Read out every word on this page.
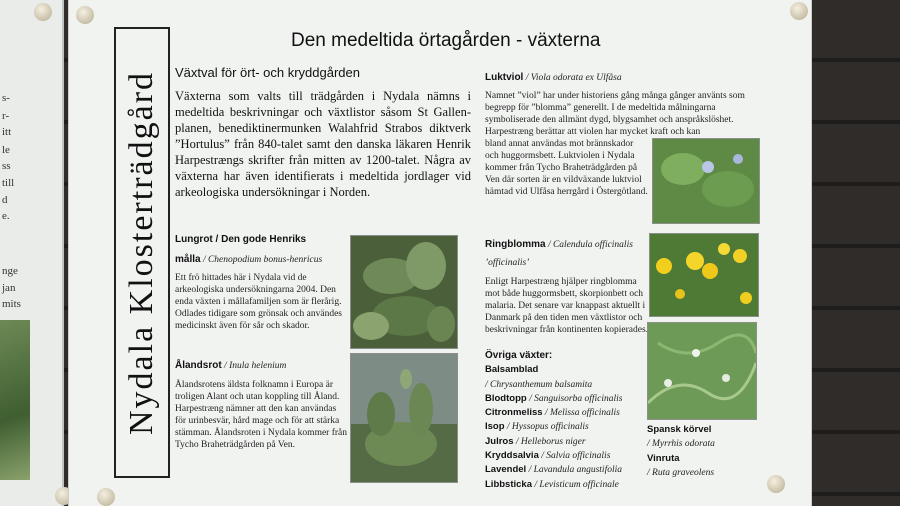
s-
r-
itt
le
ss
till
d
e.
nge
jan
mits	Nydala Klosterträdgård
Den medeltida örtagården - växterna
Växtval för ört- och kryddgården

Växterna som valts till trädgården i Nydala nämns i medeltida beskrivningar och växtlistor såsom St Gallen-planen, benediktinermunken Walahfrid Strabos diktverk ”Hortulus” från 840-talet samt den danska läkaren Henrik Harpestrængs skrifter från mitten av 1200-talet. Några av växterna har även identifierats i medeltida jordlager vid arkeologiska undersökningar i Norden.

Lungrot / Den gode Henriks
målla / Chenopodium bonus-henricus

Ett frö hittades här i Nydala vid de arkeologiska undersökningarna 2004. Den enda växten i mållafamiljen som är flerårig. Odlades tidigare som grönsak och användes medicinskt även för sår och skador.

Ålandsrot / Inula helenium

Ålandsrotens äldsta folknamn i Europa är troligen Alant och utan koppling till Åland. Harpestræng nämner att den kan användas för urinbesvär, hård mage och för att stärka stämman. Ålandsroten i Nydala kommer från Tycho Braheträdgården på Ven.

Luktviol / Viola odorata ex Ulfåsa

Namnet ”viol” har under historiens gång många gånger använts som begrepp för ”blomma” generellt. I de medeltida målningarna symboliserade den allmänt dygd, blygsamhet och anspråkslöshet. Harpestræng berättar att violen har mycket kraft och kan

bland annat användas mot brännskador och huggormsbett. Luktviolen i Nydala kommer från Tycho Braheträdgården på Ven där sorten är en vildväxande luktviol hämtad vid Ulfåsa herrgård i Östergötland.

Ringblomma / Calendula officinalis ’officinalis’

Enligt Harpestræng hjälper ringblomma mot både huggormsbett, skorpionbett och malaria. Det senare var knappast aktuellt i Danmark på den tiden men växtlistor och beskrivningar från kontinenten kopierades.

Övriga växter:
Balsamblad
/ Chrysanthemum balsamita
Blodtopp / Sanguisorba officinalis
Citronmeliss / Melissa officinalis
Isop / Hyssopus officinalis
Julros / Helleborus niger
Kryddsalvia / Salvia officinalis
Lavendel / Lavandula angustifolia
Libbsticka / Levisticum officinale
Spansk körvel
/ Myrrhis odorata
Vinruta
/ Ruta graveolens
